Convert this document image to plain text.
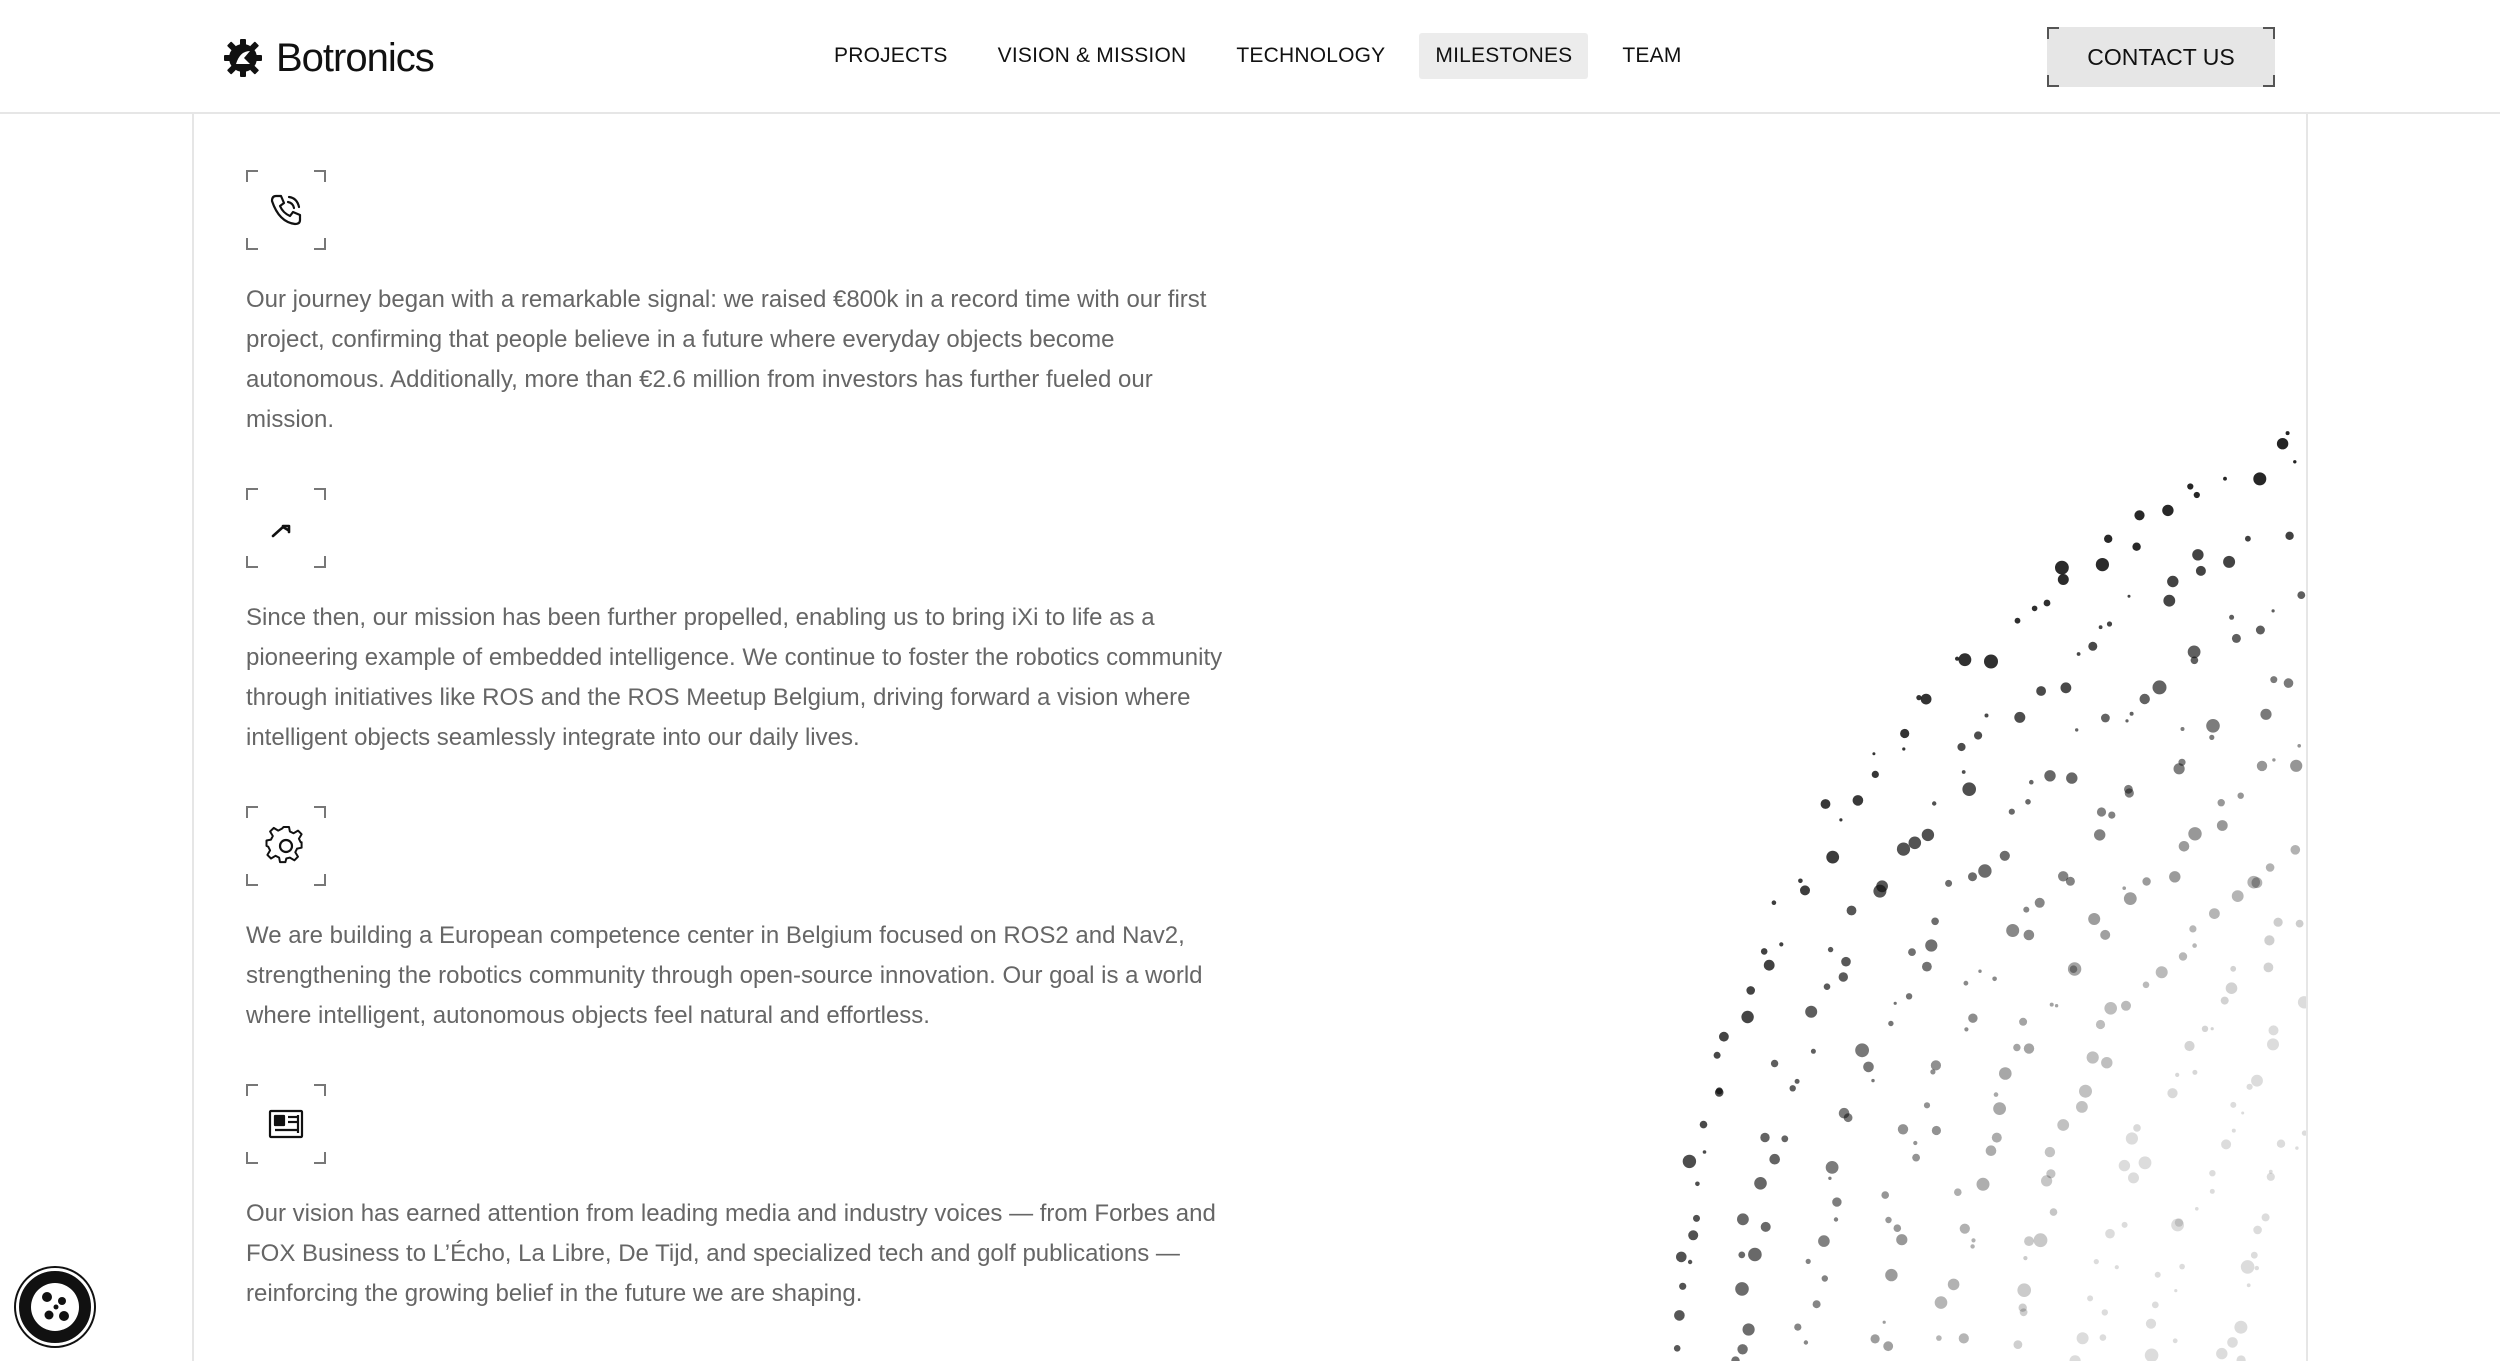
Botronics	PROJECTS	VISION & MISSION	TECHNOLOGY	MILESTONES	TEAM	CONTACT US

Our journey began with a remarkable signal: we raised €800k in a record time with our first project, confirming that people believe in a future where everyday objects become autonomous. Additionally, more than €2.6 million from investors has further fueled our mission.

Since then, our mission has been further propelled, enabling us to bring iXi to life as a pioneering example of embedded intelligence. We continue to foster the robotics community through initiatives like ROS and the ROS Meetup Belgium, driving forward a vision where intelligent objects seamlessly integrate into our daily lives.

We are building a European competence center in Belgium focused on ROS2 and Nav2, strengthening the robotics community through open-source innovation. Our goal is a world where intelligent, autonomous objects feel natural and effortless.

Our vision has earned attention from leading media and industry voices — from Forbes and FOX Business to L’Écho, La Libre, De Tijd, and specialized tech and golf publications — reinforcing the growing belief in the future we are shaping.
